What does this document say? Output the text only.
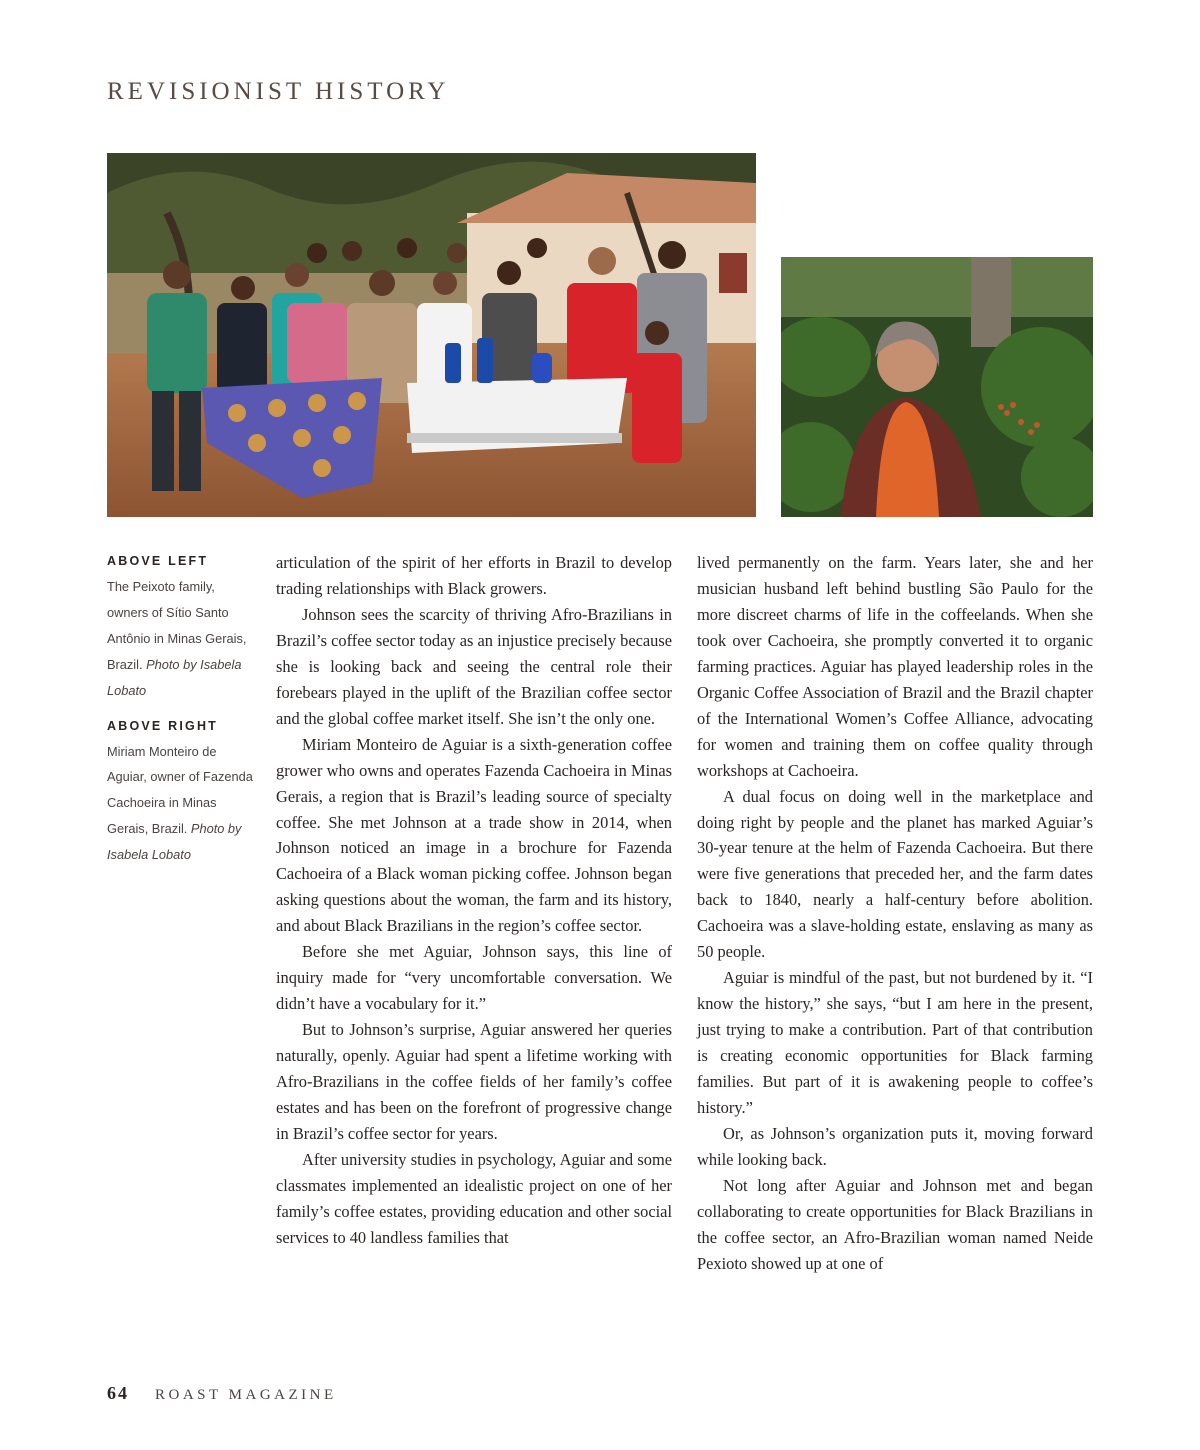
REVISIONIST HISTORY
ABOVE LEFT

The Peixoto family, owners of Sítio Santo Antônio in Minas Gerais, Brazil. Photo by Isabela Lobato

ABOVE RIGHT

Miriam Monteiro de Aguiar, owner of Fazenda Cachoeira in Minas Gerais, Brazil. Photo by Isabela Lobato

articulation of the spirit of her efforts in Brazil to develop trading relationships with Black growers.

Johnson sees the scarcity of thriving Afro-Brazilians in Brazil’s coffee sector today as an injustice precisely because she is looking back and seeing the central role their forebears played in the uplift of the Brazilian coffee sector and the global coffee market itself. She isn’t the only one.

Miriam Monteiro de Aguiar is a sixth-generation coffee grower who owns and operates Fazenda Cachoeira in Minas Gerais, a region that is Brazil’s leading source of specialty coffee. She met Johnson at a trade show in 2014, when Johnson noticed an image in a brochure for Fazenda Cachoeira of a Black woman picking coffee. Johnson began asking questions about the woman, the farm and its history, and about Black Brazilians in the region’s coffee sector.

Before she met Aguiar, Johnson says, this line of inquiry made for “very uncomfortable conversation. We didn’t have a vocabulary for it.”

But to Johnson’s surprise, Aguiar answered her queries naturally, openly. Aguiar had spent a lifetime working with Afro-Brazilians in the coffee fields of her family’s coffee estates and has been on the forefront of progressive change in Brazil’s coffee sector for years.

After university studies in psychology, Aguiar and some classmates implemented an idealistic project on one of her family’s coffee estates, providing education and other social services to 40 landless families that

lived permanently on the farm. Years later, she and her musician husband left behind bustling São Paulo for the more discreet charms of life in the coffeelands. When she took over Cachoeira, she promptly converted it to organic farming practices. Aguiar has played leadership roles in the Organic Coffee Association of Brazil and the Brazil chapter of the International Women’s Coffee Alliance, advocating for women and training them on coffee quality through workshops at Cachoeira.

A dual focus on doing well in the marketplace and doing right by people and the planet has marked Aguiar’s 30-year tenure at the helm of Fazenda Cachoeira. But there were five generations that preceded her, and the farm dates back to 1840, nearly a half-century before abolition. Cachoeira was a slave-holding estate, enslaving as many as 50 people.

Aguiar is mindful of the past, but not burdened by it. “I know the history,” she says, “but I am here in the present, just trying to make a contribution. Part of that contribution is creating economic opportunities for Black farming families. But part of it is awakening people to coffee’s history.”

Or, as Johnson’s organization puts it, moving forward while looking back.

Not long after Aguiar and Johnson met and began collaborating to create opportunities for Black Brazilians in the coffee sector, an Afro-Brazilian woman named Neide Pexioto showed up at one of

64 ROAST MAGAZINE
